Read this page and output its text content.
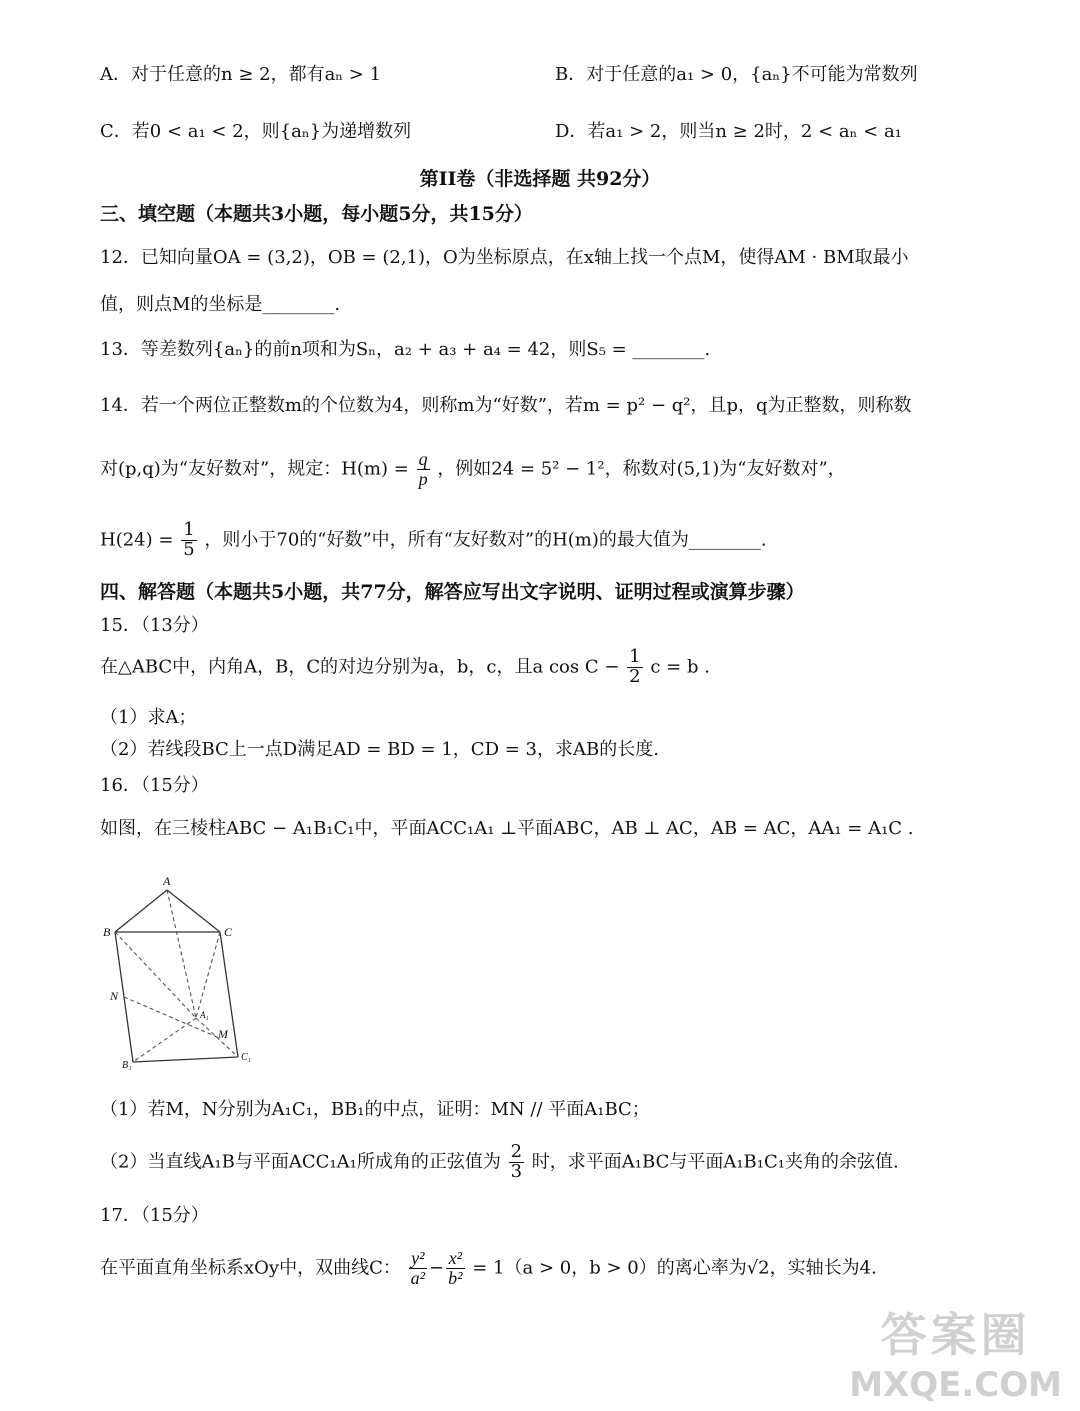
A．对于任意的n ≥ 2，都有aₙ > 1	B．对于任意的a₁ > 0，{aₙ}不可能为常数列
C．若0 < a₁ < 2，则{aₙ}为递增数列	D．若a₁ > 2，则当n ≥ 2时，2 < aₙ < a₁
第II卷（非选择题 共92分）
三、填空题（本题共3小题，每小题5分，共15分）
12．已知向量OA = (3,2)，OB = (2,1)，O为坐标原点，在x轴上找一个点M，使得AM · BM取最小
值，则点M的坐标是________.
13．等差数列{aₙ}的前n项和为Sₙ，a₂ + a₃ + a₄ = 42，则S₅ = ________.
14．若一个两位正整数m的个位数为4，则称m为“好数”，若m = p² − q²，且p，q为正整数，则称数
对(p,q)为“友好数对”，规定：$H(m) = \frac{q}{p}$ ，例如24 = 5² − 1²，称数对(5,1)为“友好数对”，
$H(24) = \frac{1}{5}$ ，则小于70的“好数”中，所有“友好数对”的H(m)的最大值为________.
四、解答题（本题共5小题，共77分，解答应写出文字说明、证明过程或演算步骤）
15．（13分）
在△ABC中，内角A，B，C的对边分别为a，b，c，且a $\cos C - \frac{1}{2}$ c = b .
（1）求A；
（2）若线段BC上一点D满足AD = BD = 1，CD = 3，求AB的长度.
16．（15分）
如图，在三棱柱ABC − A₁B₁C₁中，平面ACC₁A₁ ⊥平面ABC，AB ⊥ AC，AB = AC，AA₁ = A₁C .
A
B	C
N
A₁
M
B₁
C₁
（1）若M，N分别为A₁C₁，BB₁的中点，证明：MN // 平面A₁BC；
（2）当直线A₁B与平面ACC₁A₁所成角的正弦值为 $\frac{2}{3}$ 时，求平面A₁BC与平面A₁B₁C₁夹角的余弦值.
17．（15分）
在平面直角坐标系xOy中，双曲线C： $\frac{\text{y²}}{\text{a²}} - \frac{\text{x²}}{\text{b²}} = 1(a > 0$，b > 0）的离心率为√2，实轴长为4.
答案圈
MXQE.COM
